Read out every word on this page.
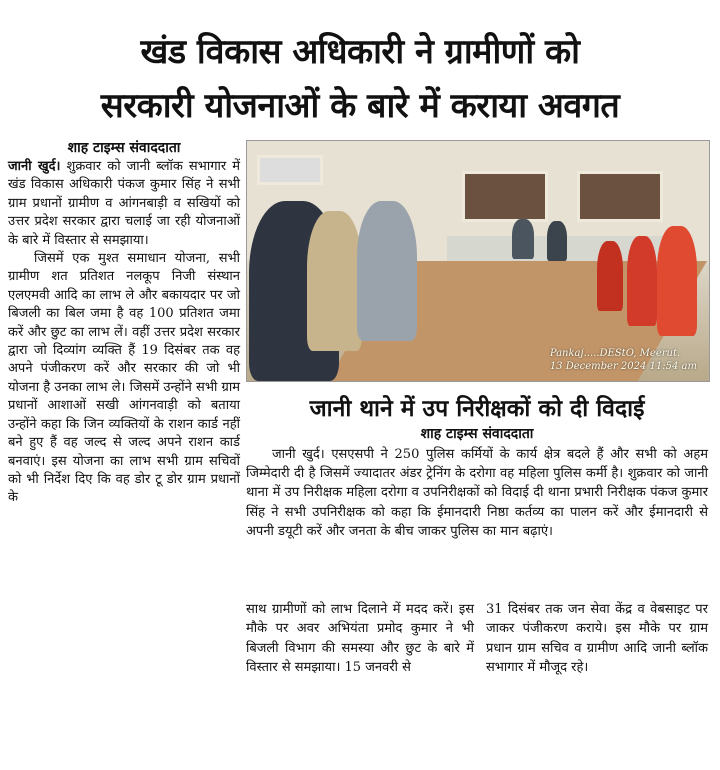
खंड विकास अधिकारी ने ग्रामीणों को
सरकारी योजनाओं के बारे में कराया अवगत
शाह टाइम्स संवाददाता

जानी खुर्द। शुक्रवार को जानी ब्लॉक सभागार में खंड विकास अधिकारी पंकज कुमार सिंह ने सभी ग्राम प्रधानों ग्रामीण व आंगनबाड़ी व सखियों को उत्तर प्रदेश सरकार द्वारा चलाई जा रही योजनाओं के बारे में विस्तार से समझाया।

जिसमें एक मुश्त समाधान योजना, सभी ग्रामीण शत प्रतिशत नलकूप निजी संस्थान एलएमवी आदि का लाभ ले और बकायदार पर जो बिजली का बिल जमा है वह 100 प्रतिशत जमा करें और छुट का लाभ लें। वहीं उत्तर प्रदेश सरकार द्वारा जो दिव्यांग व्यक्ति हैं 19 दिसंबर तक वह अपने पंजीकरण करें और सरकार की जो भी योजना है उनका लाभ ले। जिसमें उन्होंने सभी ग्राम प्रधानों आशाओं सखी आंगनवाड़ी को बताया उन्होंने कहा कि जिन व्यक्तियों के राशन कार्ड नहीं बने हुए हैं वह जल्द से जल्द अपने राशन कार्ड बनवाएं। इस योजना का लाभ सभी ग्राम सचिवों को भी निर्देश दिए कि वह डोर टू डोर ग्राम प्रधानों के

Pankaj.....DEStO, Meerut.
13 December 2024 11:54 am
जानी थाने में उप निरीक्षकों को दी विदाई
शाह टाइम्स संवाददाता

जानी खुर्द। एसएसपी ने 250 पुलिस कर्मियों के कार्य क्षेत्र बदले हैं और सभी को अहम जिम्मेदारी दी है जिसमें ज्यादातर अंडर ट्रेनिंग के दरोगा वह महिला पुलिस कर्मी है। शुक्रवार को जानी थाना में उप निरीक्षक महिला दरोगा व उपनिरीक्षकों को विदाई दी थाना प्रभारी निरीक्षक पंकज कुमार सिंह ने सभी उपनिरीक्षक को कहा कि ईमानदारी निष्ठा कर्तव्य का पालन करें और ईमानदारी से अपनी डयूटी करें और जनता के बीच जाकर पुलिस का मान बढ़ाएं।

साथ ग्रामीणों को लाभ दिलाने में मदद करें। इस मौके पर अवर अभियंता प्रमोद कुमार ने भी बिजली विभाग की समस्या और छुट के बारे में विस्तार से समझाया। 15 जनवरी से

31 दिसंबर तक जन सेवा केंद्र व वेबसाइट पर जाकर पंजीकरण कराये। इस मौके पर ग्राम प्रधान ग्राम सचिव व ग्रामीण आदि जानी ब्लॉक सभागार में मौजूद रहे।
